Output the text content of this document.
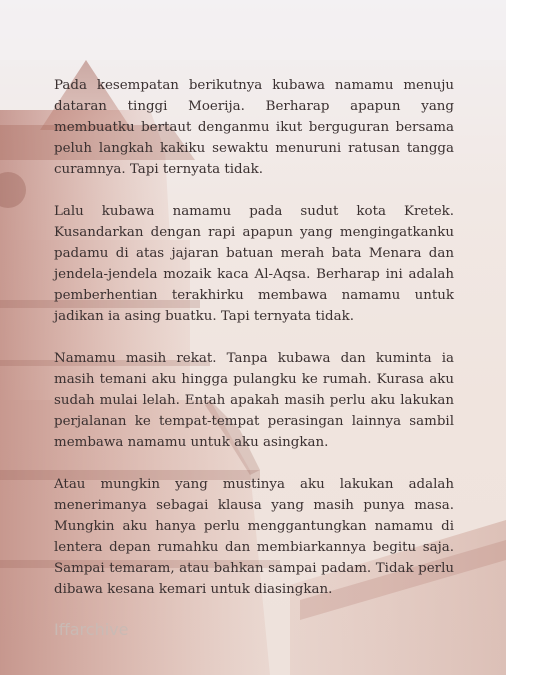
Pada kesempatan berikutnya kubawa namamu menuju dataran tinggi Moerija. Berharap apapun yang membuatku bertaut denganmu ikut berguguran bersama peluh langkah kakiku sewaktu menuruni ratusan tangga curamnya. Tapi ternyata tidak.

Lalu kubawa namamu pada sudut kota Kretek. Kusandarkan dengan rapi apapun yang mengingatkanku padamu di atas jajaran batuan merah bata Menara dan jendela-jendela mozaik kaca Al-Aqsa. Berharap ini adalah pemberhentian terakhirku membawa namamu untuk jadikan ia asing buatku. Tapi ternyata tidak.

Namamu masih rekat. Tanpa kubawa dan kuminta ia masih temani aku hingga pulangku ke rumah. Kurasa aku sudah mulai lelah. Entah apakah masih perlu aku lakukan perjalanan ke tempat-tempat perasingan lainnya sambil membawa namamu untuk aku asingkan.

Atau mungkin yang mustinya aku lakukan adalah menerimanya sebagai klausa yang masih punya masa. Mungkin aku hanya perlu menggantungkan namamu di lentera depan rumahku dan membiarkannya begitu saja. Sampai temaram, atau bahkan sampai padam. Tidak perlu dibawa kesana kemari untuk diasingkan.

Iffarchive
